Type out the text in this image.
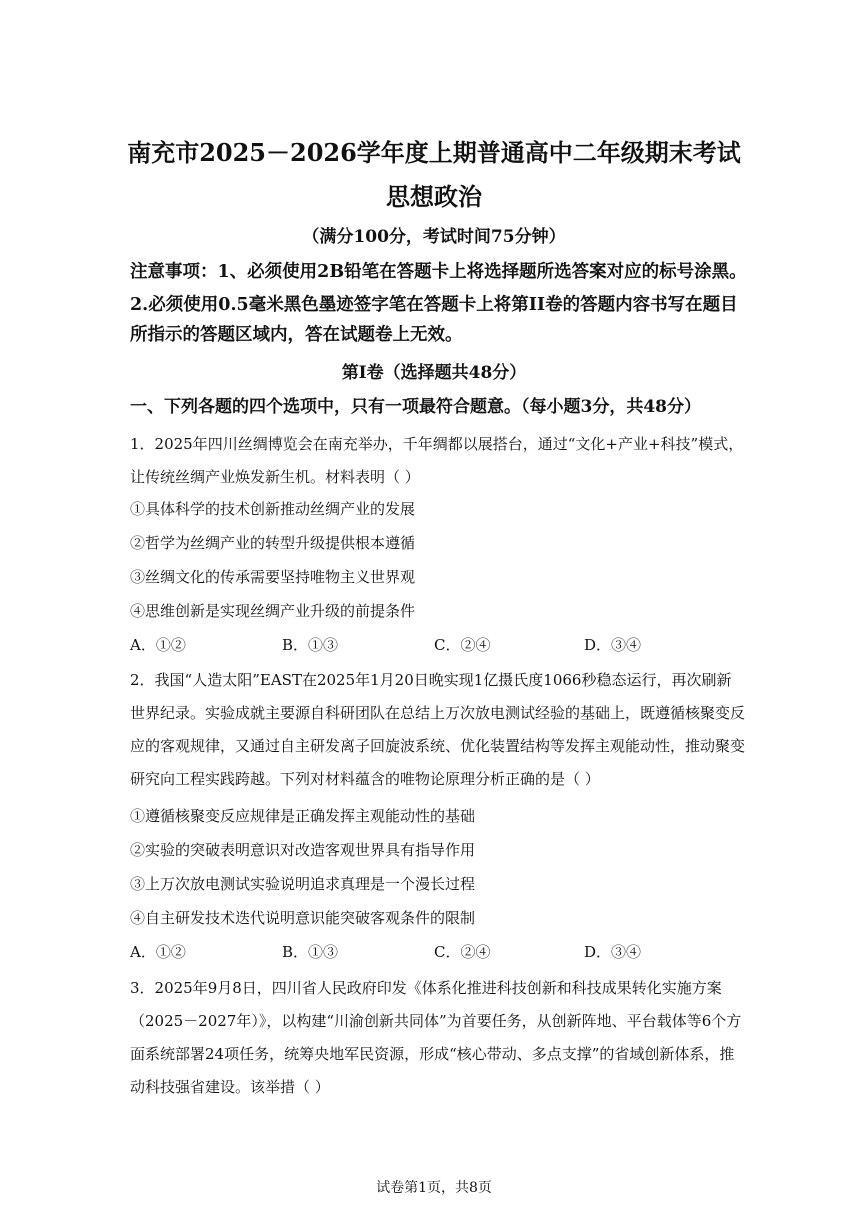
南充市2025－2026学年度上期普通高中二年级期末考试
思想政治
（满分100分，考试时间75分钟）
注意事项：1、必须使用2B铅笔在答题卡上将选择题所选答案对应的标号涂黑。
2.必须使用0.5毫米黑色墨迹签字笔在答题卡上将第II卷的答题内容书写在题目所指示的答题区域内，答在试题卷上无效。
第I卷（选择题共48分）
一、下列各题的四个选项中，只有一项最符合题意。（每小题3分，共48分）
1．2025年四川丝绸博览会在南充举办，千年绸都以展搭台，通过“文化+产业+科技”模式，让传统丝绸产业焕发新生机。材料表明（ ）
①具体科学的技术创新推动丝绸产业的发展
②哲学为丝绸产业的转型升级提供根本遵循
③丝绸文化的传承需要坚持唯物主义世界观
④思维创新是实现丝绸产业升级的前提条件
A．①②	B．①③	C．②④	D．③④
2．我国“人造太阳”EAST在2025年1月20日晚实现1亿摄氏度1066秒稳态运行，再次刷新世界纪录。实验成就主要源自科研团队在总结上万次放电测试经验的基础上，既遵循核聚变反应的客观规律，又通过自主研发离子回旋波系统、优化装置结构等发挥主观能动性，推动聚变研究向工程实践跨越。下列对材料蕴含的唯物论原理分析正确的是（ ）
①遵循核聚变反应规律是正确发挥主观能动性的基础
②实验的突破表明意识对改造客观世界具有指导作用
③上万次放电测试实验说明追求真理是一个漫长过程
④自主研发技术迭代说明意识能突破客观条件的限制
A．①②	B．①③	C．②④	D．③④
3．2025年9月8日，四川省人民政府印发《体系化推进科技创新和科技成果转化实施方案（2025－2027年）》，以构建“川渝创新共同体”为首要任务，从创新阵地、平台载体等6个方面系统部署24项任务，统筹央地军民资源，形成“核心带动、多点支撑”的省域创新体系，推动科技强省建设。该举措（ ）
试卷第1页，共8页
